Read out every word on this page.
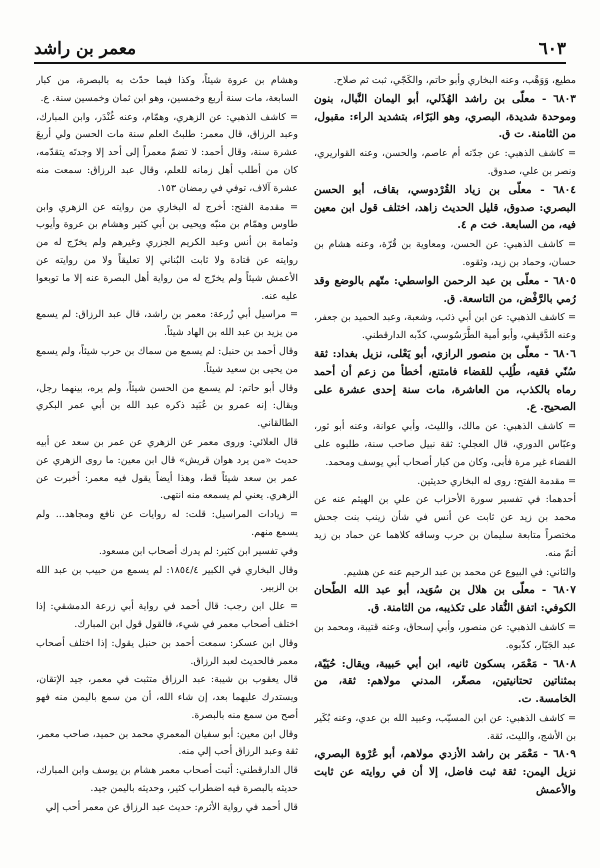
معمر بن راشد	٦٠٣

مطيع، وَوَهْب، وعنه البخاري وأبو حاتم، والكَجّي، ثبت ثم صلاح.

٦٨٠٣ - معلّى بن راشد الهُذَلي، أبو اليمان النَّبال، بنون وموحدة شديدة، البصري، وهو البَرّاء، بتشديد الراء: مقبول، من الثامنة. ت ق.

= كاشف الذهبي: عن جدّته أم عاصم، والحسن، وعنه القواريري، ونصر بن علي، صدوق.

٦٨٠٤ - معلّى بن زياد القُرْدوسي، بقاف، أبو الحسن البصري: صدوق، قليل الحديث زاهد، اختلف قول ابن معين فيه، من السابعة. خت م ٤.

= كاشف الذهبي: عن الحسن، ومعاوية بن قُرّة، وعنه هشام بن حسان، وحماد بن زيد، وثقوه.

٦٨٠٥ - معلّى بن عبد الرحمن الواسطي: متّهم بالوضع وقد رُمي بالرَّفْض، من التاسعة. ق.

= كاشف الذهبي: عن ابن أبي ذئب، وشعبة، وعبد الحميد بن جعفر، وعنه الدَّقيقي، وأبو أمية الطَّرَسُوسي، كذّبه الدارقطني.

٦٨٠٦ - معلّى بن منصور الرازي، أبو يَعْلى، نزيل بغداد: ثقة سُنّي فقيه، طُلِب للقضاء فامتنع، أخطأ من زعم أن أحمد رماه بالكذب، من العاشرة، مات سنة إحدى عشرة على الصحيح. ع.

= كاشف الذهبي: عن مالك، والليث، وأبي عوانة، وعنه أبو ثور، وعبّاس الدوري، قال العجلي: ثقة نبيل صاحب سنة، طلبوه على القضاء غير مرة فأبى، وكان من كبار أصحاب أبي يوسف ومحمد.

= مقدمة الفتح: روى له البخاري حديثين.

أحدهما: في تفسير سورة الأحزاب عن علي بن الهيثم عنه عن محمد بن زيد عن ثابت عن أنس في شأن زينب بنت جحش مختصراً متابعة سليمان بن حرب وساقه كلاهما عن حماد بن زيد أتمّ منه.

والثاني: في البيوع عن محمد بن عبد الرحيم عنه عن هشيم.

٦٨٠٧ - معلّى بن هلال بن سُوَيد، أبو عبد الله الطّحان الكوفي: اتفق النُّقاد على تكذيبه، من الثامنة. ق.

= كاشف الذهبي: عن منصور، وأبي إسحاق، وعنه قتيبة، ومحمد بن عبد الجَبّار، كذّبوه.

٦٨٠٨ - مَعْمَر، بسكون ثانيه، ابن أبي حَبيبة، ويقال: حُيَيّة، بمثناتين تحتانيتين، مصغّر، المدني مولاهم: ثقة، من الخامسة. ت.

= كاشف الذهبي: عن ابن المسيّب، وعبيد الله بن عدي، وعنه بُكَير بن الأشج، والليث، ثقة.

٦٨٠٩ - مَعْمَر بن راشد الأزدي مولاهم، أبو عُرْوة البصري، نزيل اليمن: ثقة ثبت فاضل، إلا أن في روايته عن ثابت والأعمش

وهشام بن عروة شيئاً، وكذا فيما حدّث به بالبصرة، من كبار السابعة، مات سنة أربع وخمسين، وهو ابن ثمان وخمسين سنة. ع.

= كاشف الذهبي: عن الزهري، وهمّام، وعنه غُنْدَر، وابن المبارك، وعبد الرزاق، قال معمر: طلبتُ العلم سنة مات الحسن ولي أربعَ عشرة سنة، وقال أحمد: لا تضمّ معمراً إلى أحد إلا وجدتَه يتقدّمه، كان من أطلب أهل زمانه للعلم، وقال عبد الرزاق: سمعت منه عشرة آلاف، توفي في رمضان ١٥٣.

= مقدمة الفتح: أخرج له البخاري من روايته عن الزهري وابن طاوس وهمّام بن منبّه ويحيى بن أبي كثير وهشام بن عروة وأيوب وثمامة بن أنس وعبد الكريم الجزري وغيرهم ولم يخرّج له من روايته عن قتادة ولا ثابت البُناني إلا تعليقاً ولا من روايته عن الأعمش شيئاً ولم يخرّج له من رواية أهل البصرة عنه إلا ما توبعوا عليه عنه.

= مراسيل أبي زُرعة: معمر بن راشد، قال عبد الرزاق: لم يسمع من يزيد بن عبد الله بن الهاد شيئاً.

وقال أحمد بن حنبل: لم يسمع من سماك بن حرب شيئاً، ولم يسمع من يحيى بن سعيد شيئاً.

وقال أبو حاتم: لم يسمع من الحسن شيئاً، ولم يره، بينهما رجل، ويقال: إنه عمرو بن عُبَيد ذكره عبد الله بن أبي عمر البكري الطالقاني.

قال العلائي: وروى معمر عن الزهري عن عمر بن سعد عن أبيه حديث «من يرد هوان قريش» قال ابن معين: ما روى الزهري عن عمر بن سعد شيئاً قط، وهذا أيضاً يقول فيه معمر: أخبرت عن الزهري. يعني لم يسمعه منه انتهى.

= زيادات المراسيل: قلت: له روايات عن نافع ومجاهد... ولم يسمع منهم.

وفي تفسير ابن كثير: لم يدرك أصحاب ابن مسعود.

وقال البخاري في الكبير ١٨٥٤/٤: لم يسمع من حبيب بن عبد الله بن الزبير.

= علل ابن رجب: قال أحمد في رواية أبي زرعة الدمشقي: إذا اختلف أصحاب معمر في شيء، فالقول قول ابن المبارك.

وقال ابن عسكر: سمعت أحمد بن حنبل يقول: إذا اختلف أصحاب معمر فالحديث لعبد الرزاق.

قال يعقوب بن شيبة: عبد الرزاق متثبت في معمر، جيد الإتقان، ويستدرك عليهما بعد، إن شاء الله، أن من سمع باليمن منه فهو أصح من سمع منه بالبصرة.

وقال ابن معين: أبو سفيان المعمري محمد بن حميد، صاحب معمر، ثقة وعبد الرزاق أحب إلي منه.

قال الدارقطني: أثبت أصحاب معمر هشام بن يوسف وابن المبارك، حديثه بالبصرة فيه اضطراب كثير، وحديثه باليمن جيد.

قال أحمد في رواية الأثرم: حديث عبد الرزاق عن معمر أحب إلي
